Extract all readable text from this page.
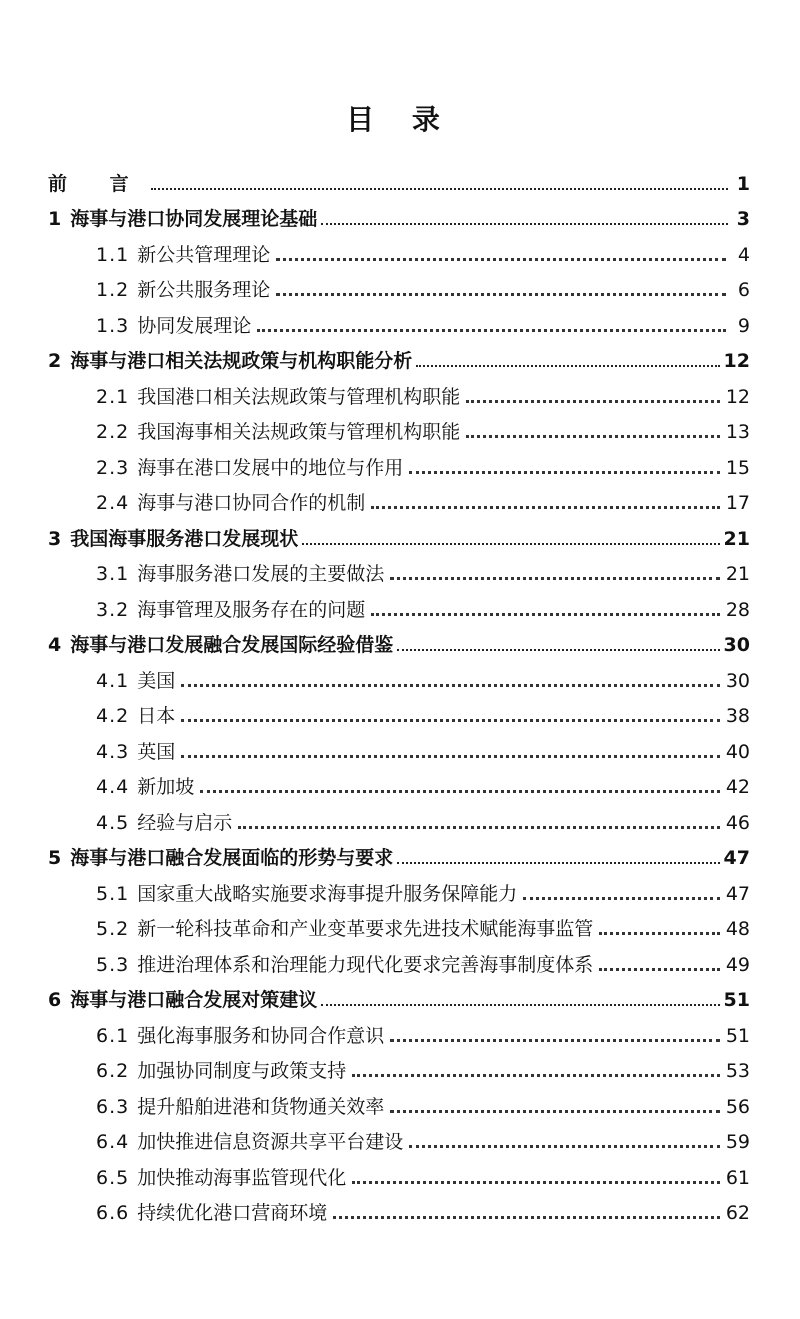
目 录
前 言	1
1 海事与港口协同发展理论基础	3
1.1 新公共管理理论	4
1.2 新公共服务理论	6
1.3 协同发展理论	9
2 海事与港口相关法规政策与机构职能分析	12
2.1 我国港口相关法规政策与管理机构职能	12
2.2 我国海事相关法规政策与管理机构职能	13
2.3 海事在港口发展中的地位与作用	15
2.4 海事与港口协同合作的机制	17
3 我国海事服务港口发展现状	21
3.1 海事服务港口发展的主要做法	21
3.2 海事管理及服务存在的问题	28
4 海事与港口发展融合发展国际经验借鉴	30
4.1 美国	30
4.2 日本	38
4.3 英国	40
4.4 新加坡	42
4.5 经验与启示	46
5 海事与港口融合发展面临的形势与要求	47
5.1 国家重大战略实施要求海事提升服务保障能力	47
5.2 新一轮科技革命和产业变革要求先进技术赋能海事监管	48
5.3 推进治理体系和治理能力现代化要求完善海事制度体系	49
6 海事与港口融合发展对策建议	51
6.1 强化海事服务和协同合作意识	51
6.2 加强协同制度与政策支持	53
6.3 提升船舶进港和货物通关效率	56
6.4 加快推进信息资源共享平台建设	59
6.5 加快推动海事监管现代化	61
6.6 持续优化港口营商环境	62
